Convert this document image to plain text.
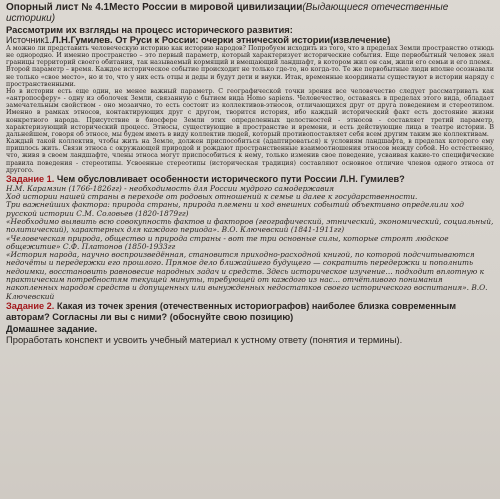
Опорный лист № 4.1Место России в мировой цивилизации(Выдающиеся отечественные историки)
Рассмотрим их взгляды на процесс исторического развития:
Источник1.Л.Н.Гумилев. От Руси к России: очерки этнической истории(извлечение)

А можно ли представить человеческую историю как историю народов? Попробуем исходить из того, что в пределах Земли пространство отнюдь не однородно. И именно пространство – это первый параметр, который характеризует исторические события. Еще первобытный человек знал границы территорий своего обитания, так называемый кормящий и вмещающий ландшафт, в котором жил он сам, жили его семьи и его племя.

Второй параметр – время. Каждое историческое событие происходит не только где-то, но когда-то. Те же первобытные люди вполне осознавали не только «свое место», но и то, что у них есть отцы и деды и будут дети и внуки. Итак, временные координаты существуют в истории наряду с пространственными.

Но в истории есть еще один, не менее важный параметр. С географической точки зрения все человечество следует рассматривать как «антропосферу» - одну из оболочек Земли, связанную с бытием вида Homo sapiens. Человечество, оставаясь в пределах этого вида, обладает замечательным свойством - оно мозаично, то есть состоит из коллективов-этносов, отличающихся друг от друга поведением и стереотипом. Именно в рамках этносов, контактирующих друг с другом, творится история, ибо каждый исторический факт есть достояние жизни конкретного народа. Присутствие в биосфере Земли этих определенных целостностей - этносов - составляет третий параметр, характеризующий исторический процесс. Этносы, существующие в пространстве и времени, и есть действующие лица в театре истории. В дальнейшем, говоря об этносе, мы будем иметь в виду коллектив людей, который противопоставляет себя всем другим таким же коллективам.

Каждый такой коллектив, чтобы жить на Земле, должен приспособиться (адаптироваться) к условиям ландшафта, в пределах которого ему пришлось жить. Связи этноса с окружающей природой и рождают пространственные взаимоотношения этносов между собой. Но естественно, что, живя в своем ландшафте, члены этноса могут приспособиться к нему, только изменив свое поведение, усваивая какие-то специфические правила поведения - стереотипы. Усвоенные стереотипы (историческая традиция) составляют основное отличие членов одного этноса от другого.

Задание 1. Чем обусловливает особенности исторического пути России Л.Н. Гумилев?

Н.М. Карамзин (1766-1826гг) - необходимость для России мудрого самодержавия

Ход истории нашей страны в переходе от родовых отношений к семье и далее к государственности.

Три важнейших фактора: природа страны, природа племени и ход внешних событий объективно определили ход русской истории С.М. Соловьев (1820-1879гг)

«Необходимо выявить всю совокупность фактов и факторов (географический, этнический, экономический, социальный, политический), характерных для каждого периода». В.О. Ключевский (1841-1911гг)

«Человеческая природа, общество и природа страны - вот те три основные силы, которые строят людское общежитие» С.Ф. Платонов (1850-1933гг

«История народа, научно воспроизведённая, становится приходно-расходной книгой, по которой подсчитываются недочёты и передержки его прошлого. Прямое дело ближайшего будущего — сократить передержки и пополнить недоимки, восстановить равновесие народных задач и средств. Здесь историческое изучение… подходит вплотную к практическим потребностям текущей минуты, требующей от каждого из нас… отчётливого понимания накопленных народом средств и допущенных или вынужденных недостатков своего исторического воспитания». В.О. Ключевский

Задание 2. Какая из точек зрения (отечественных историографов) наиболее близка современным авторам? Согласны ли вы с ними? (обоснуйте свою позицию)
Домашнее задание.
Проработать конспект и усвоить учебный материал к устному ответу (понятия и термины).
